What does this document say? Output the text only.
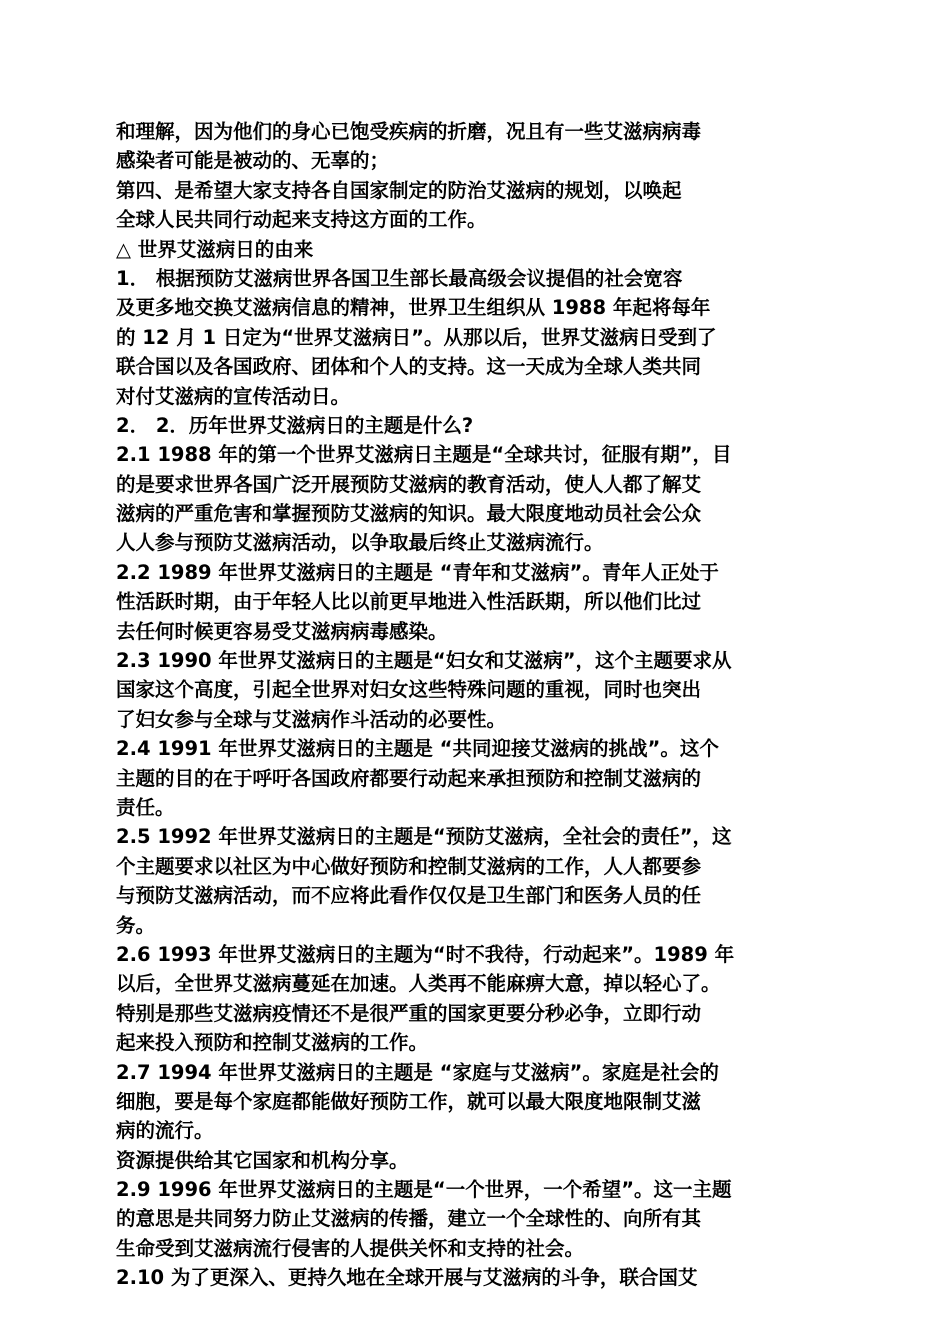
和理解，因为他们的身心已饱受疾病的折磨，况且有一些艾滋病病毒
感染者可能是被动的、无辜的；
第四、是希望大家支持各自国家制定的防治艾滋病的规划，以唤起
全球人民共同行动起来支持这方面的工作。
△ 世界艾滋病日的由来
1． 根据预防艾滋病世界各国卫生部长最高级会议提倡的社会宽容
及更多地交换艾滋病信息的精神，世界卫生组织从 1988 年起将每年
的 12 月 1 日定为“世界艾滋病日”。从那以后，世界艾滋病日受到了
联合国以及各国政府、团体和个人的支持。这一天成为全球人类共同
对付艾滋病的宣传活动日。
2． 2．历年世界艾滋病日的主题是什么?
2.1 1988 年的第一个世界艾滋病日主题是“全球共讨，征服有期”，目
的是要求世界各国广泛开展预防艾滋病的教育活动，使人人都了解艾
滋病的严重危害和掌握预防艾滋病的知识。最大限度地动员社会公众
人人参与预防艾滋病活动，以争取最后终止艾滋病流行。
2.2 1989 年世界艾滋病日的主题是 “青年和艾滋病”。青年人正处于
性活跃时期，由于年轻人比以前更早地进入性活跃期，所以他们比过
去任何时候更容易受艾滋病病毒感染。
2.3 1990 年世界艾滋病日的主题是“妇女和艾滋病”，这个主题要求从
国家这个高度，引起全世界对妇女这些特殊问题的重视，同时也突出
了妇女参与全球与艾滋病作斗活动的必要性。
2.4 1991 年世界艾滋病日的主题是 “共同迎接艾滋病的挑战”。这个
主题的目的在于呼吁各国政府都要行动起来承担预防和控制艾滋病的
责任。
2.5 1992 年世界艾滋病日的主题是“预防艾滋病，全社会的责任”，这
个主题要求以社区为中心做好预防和控制艾滋病的工作，人人都要参
与预防艾滋病活动，而不应将此看作仅仅是卫生部门和医务人员的任
务。
2.6 1993 年世界艾滋病日的主题为“时不我待，行动起来”。1989 年
以后，全世界艾滋病蔓延在加速。人类再不能麻痹大意，掉以轻心了。
特别是那些艾滋病疫情还不是很严重的国家更要分秒必争，立即行动
起来投入预防和控制艾滋病的工作。
2.7 1994 年世界艾滋病日的主题是 “家庭与艾滋病”。家庭是社会的
细胞，要是每个家庭都能做好预防工作，就可以最大限度地限制艾滋
病的流行。
资源提供给其它国家和机构分享。
2.9 1996 年世界艾滋病日的主题是“一个世界，一个希望”。这一主题
的意思是共同努力防止艾滋病的传播，建立一个全球性的、向所有其
生命受到艾滋病流行侵害的人提供关怀和支持的社会。
2.10 为了更深入、更持久地在全球开展与艾滋病的斗争，联合国艾
